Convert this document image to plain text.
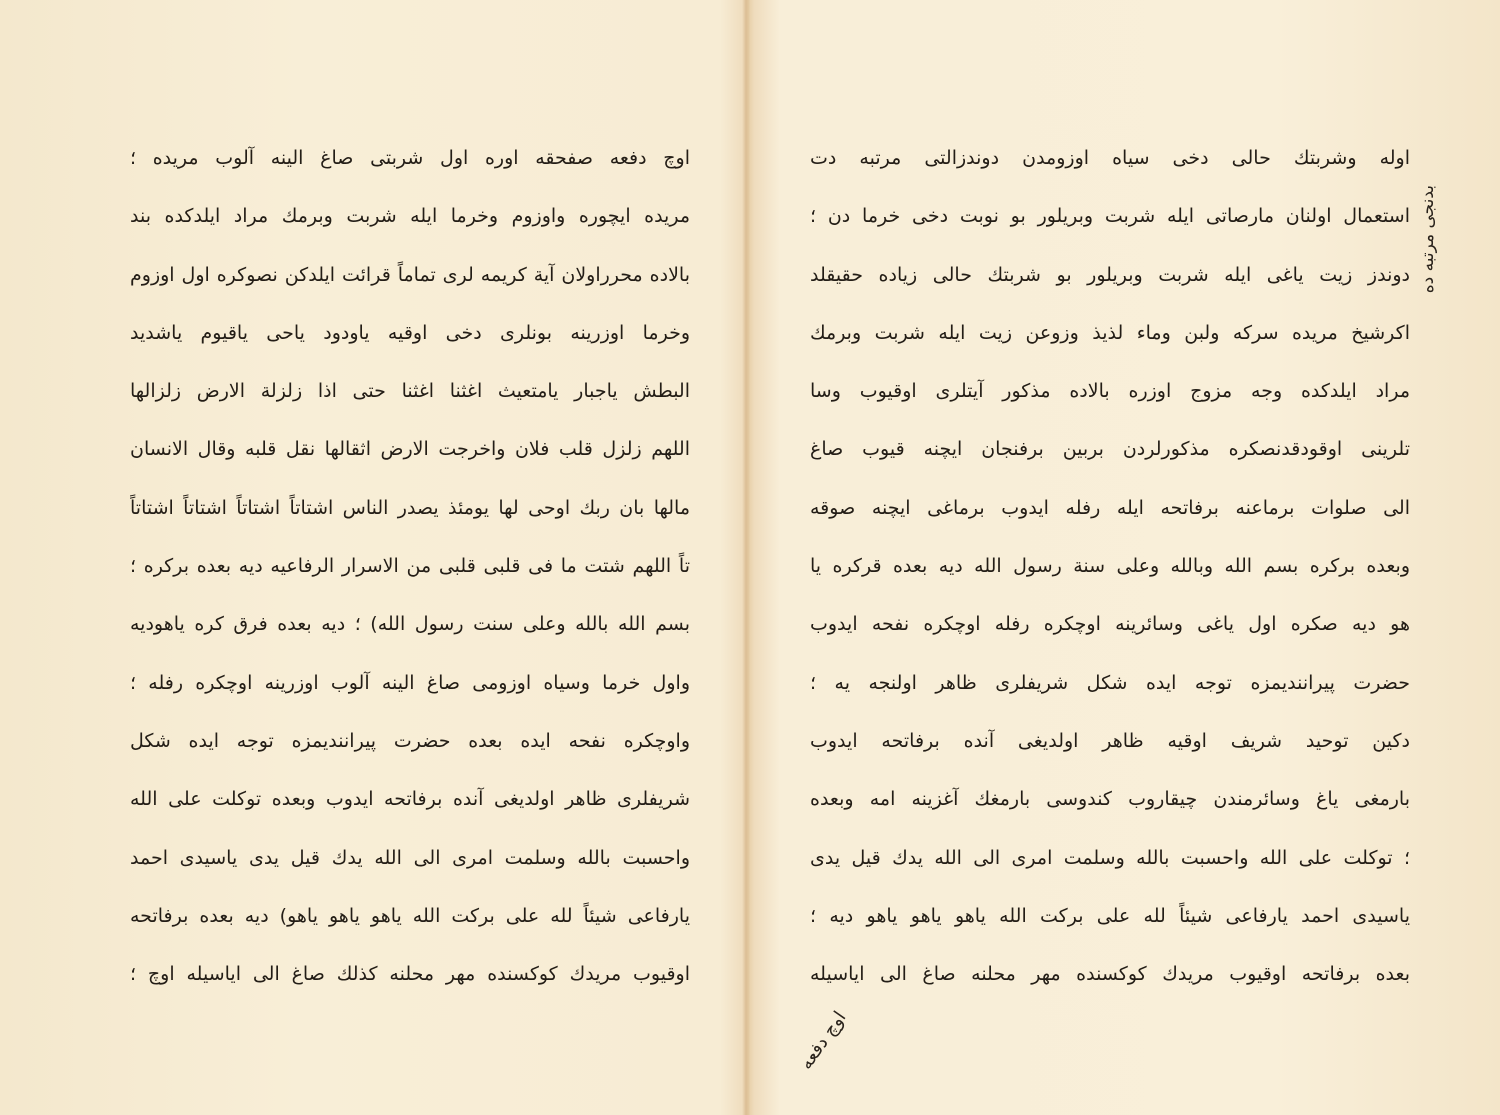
اوچ دفعه صفحقه اوره اول شربتی صاغ الینه آلوب مریده ؛
مریده ایچوره واوزوم وخرما ایله شربت وبرمك مراد ایلدکده بند
بالاده محرراولان آیة کریمه لری تماماً قرائت ایلدکن نصوکره اول اوزوم
وخرما اوزرینه بونلری دخی اوقیه یاودود یاحی یاقیوم یاشدید
البطش یاجبار یامتعیث اغثنا اغثنا حتی اذا زلزلة الارض زلزالها
اللهم زلزل قلب فلان واخرجت الارض اثقالها نقل قلبه وقال الانسان
مالها بان ربك اوحی لها یومئذ یصدر الناس اشتاتاً اشتاتاً اشتاتاً اشتاتاً
تاً اللهم شتت ما فی قلبی قلبی من الاسرار الرفاعیه دیه بعده برکره ؛
بسم الله بالله وعلی سنت رسول الله) ؛ دیه بعده فرق کره یاهودیه
واول خرما وسیاه اوزومی صاغ الینه آلوب اوزرینه اوچکره رفله ؛
واوچکره نفحه ایده بعده حضرت پیرانندیمزه توجه ایده شکل
شریفلری ظاهر اولدیغی آنده برفاتحه ایدوب وبعده توکلت علی الله
واحسبت بالله وسلمت امری الی الله یدك قیل یدی یاسیدی احمد
یارفاعی شیئاً لله علی برکت الله یاهو یاهو یاهو) دیه بعده برفاتحه
اوقیوب مریدك کوکسنده مهر محلنه کذلك صاغ الی ایاسیله اوچ ؛
اوله وشربتك حالی دخی سیاه اوزومدن دوندزالتی مرتبه دت
استعمال اولنان مارصاتی ایله شربت وبریلور بو نوبت دخی خرما دن ؛
دوندز زیت یاغی ایله شربت وبریلور بو شربتك حالی زیاده حقیقلد
اکرشیخ مریده سرکه ولبن وماء لذیذ وزوعن زیت ایله شربت وبرمك
مراد ایلدکده وجه مزوج اوزره بالاده مذکور آیتلری اوقیوب وسا
تلرینی اوقودقدنصکره مذکورلردن بربین برفنجان ایچنه قیوب صاغ
الی صلوات برماعنه برفاتحه ایله رفله ایدوب برماغی ایچنه صوقه
وبعده برکره بسم الله وبالله وعلی سنة رسول الله دیه بعده قرکره یا
هو دیه صکره اول یاغی وسائرینه اوچکره رفله اوچکره نفحه ایدوب
حضرت پیرانندیمزه توجه ایده شکل شریفلری ظاهر اولنجه یه ؛
دکین توحید شریف اوقیه ظاهر اولدیغی آنده برفاتحه ایدوب
بارمغی یاغ وسائرمندن چیقاروب کندوسی بارمغك آغزینه امه وبعده
؛ توکلت علی الله واحسبت بالله وسلمت امری الی الله یدك قیل یدی
یاسیدی احمد یارفاعی شیئاً لله علی برکت الله یاهو یاهو یاهو دیه ؛
بعده برفاتحه اوقیوب مریدك کوکسنده مهر محلنه صاغ الی ایاسیله
بدنجی مرتبه ده
اوچ دفعه
